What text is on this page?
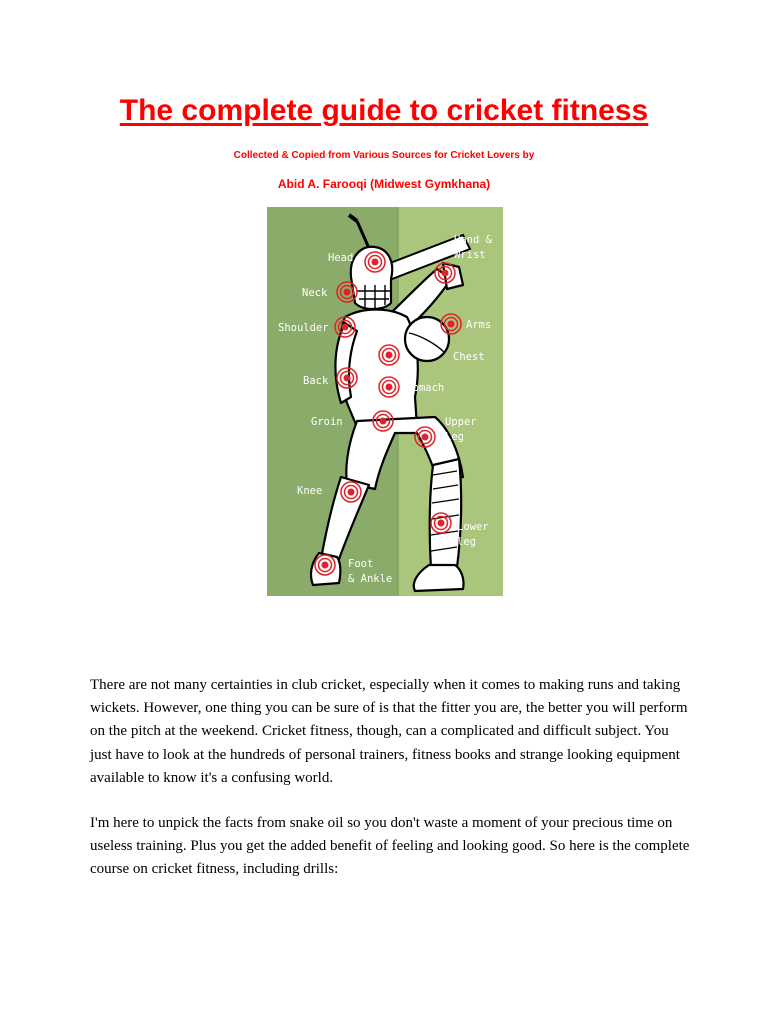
The complete guide to cricket fitness
Collected & Copied from Various Sources for Cricket Lovers by
Abid A. Farooqi (Midwest Gymkhana)
Head
Neck
Shoulder
Back
Groin
Knee
Foot
& Ankle
Hand &
Wrist
Arms
Chest
Stomach
Upper
Leg
Lower
leg

There are not many certainties in club cricket, especially when it comes to making runs and taking wickets. However, one thing you can be sure of is that the fitter you are, the better you will perform on the pitch at the weekend. Cricket fitness, though, can a complicated and difficult subject. You just have to look at the hundreds of personal trainers, fitness books and strange looking equipment available to know it's a confusing world.

I'm here to unpick the facts from snake oil so you don't waste a moment of your precious time on useless training. Plus you get the added benefit of feeling and looking good. So here is the complete course on cricket fitness, including drills:
